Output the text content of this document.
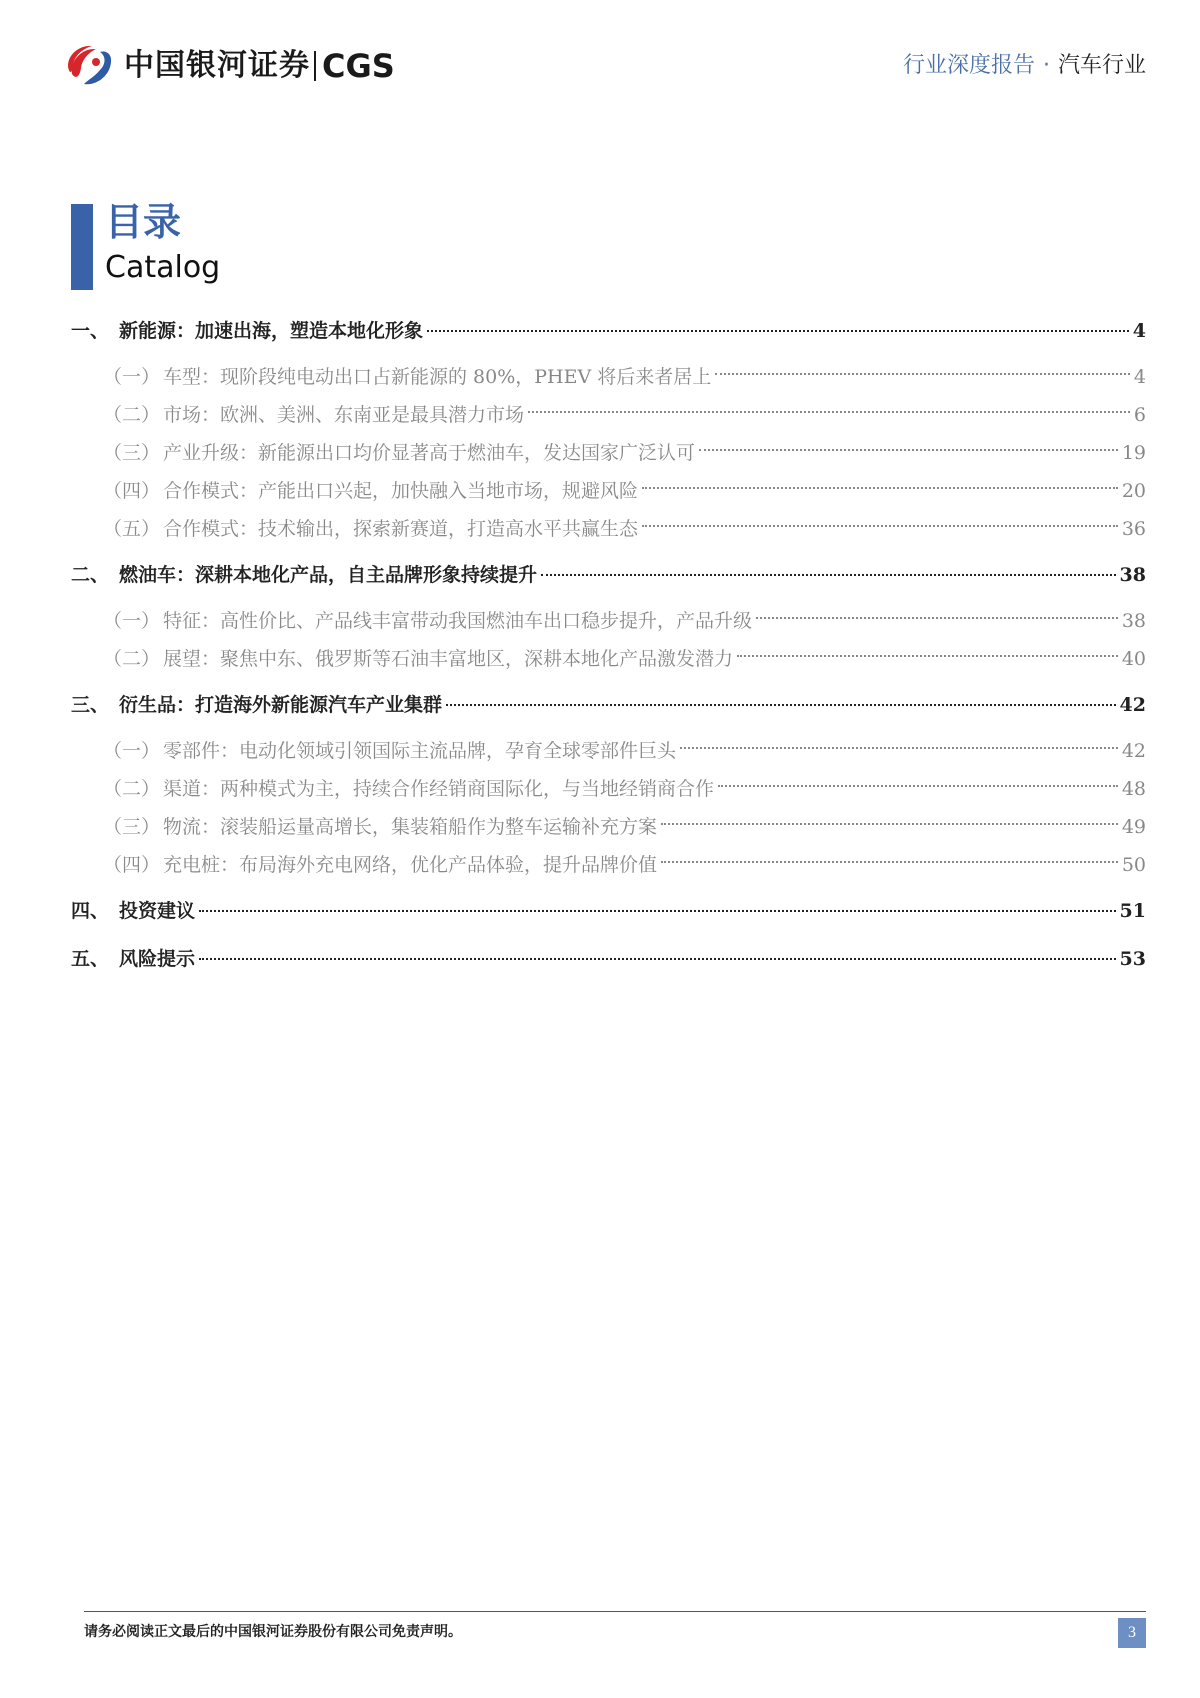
中国银河证券 CGS	行业深度报告 · 汽车行业
目录
Catalog
一、 新能源：加速出海，塑造本地化形象	4
（一） 车型：现阶段纯电动出口占新能源的 80%，PHEV 将后来者居上	4
（二） 市场：欧洲、美洲、东南亚是最具潜力市场	6
（三） 产业升级：新能源出口均价显著高于燃油车，发达国家广泛认可	19
（四） 合作模式：产能出口兴起，加快融入当地市场，规避风险	20
（五） 合作模式：技术输出，探索新赛道，打造高水平共赢生态	36
二、 燃油车：深耕本地化产品，自主品牌形象持续提升	38
（一） 特征：高性价比、产品线丰富带动我国燃油车出口稳步提升，产品升级	38
（二） 展望：聚焦中东、俄罗斯等石油丰富地区，深耕本地化产品激发潜力	40
三、 衍生品：打造海外新能源汽车产业集群	42
（一） 零部件：电动化领域引领国际主流品牌，孕育全球零部件巨头	42
（二） 渠道：两种模式为主，持续合作经销商国际化，与当地经销商合作	48
（三） 物流：滚装船运量高增长，集装箱船作为整车运输补充方案	49
（四） 充电桩：布局海外充电网络，优化产品体验，提升品牌价值	50
四、 投资建议	51
五、 风险提示	53
请务必阅读正文最后的中国银河证券股份有限公司免责声明。	3
